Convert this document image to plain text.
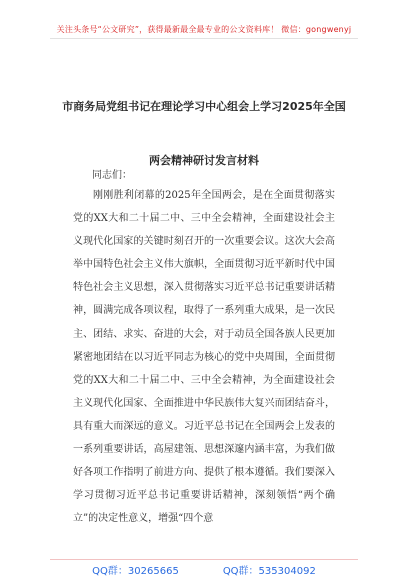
关注头条号“公文研究”，获得最新最全最专业的公文资料库！ 微信：gongwenyj
市商务局党组书记在理论学习中心组会上学习2025年全国
两会精神研讨发言材料
同志们：
刚刚胜利闭幕的2025年全国两会，是在全面贯彻落实党的XX大和二十届二中、三中全会精神，全面建设社会主义现代化国家的关键时刻召开的一次重要会议。这次大会高举中国特色社会主义伟大旗帜，全面贯彻习近平新时代中国特色社会主义思想，深入贯彻落实习近平总书记重要讲话精神，圆满完成各项议程，取得了一系列重大成果，是一次民主、团结、求实、奋进的大会，对于动员全国各族人民更加紧密地团结在以习近平同志为核心的党中央周围，全面贯彻党的XX大和二十届二中、三中全会精神，为全面建设社会主义现代化国家、全面推进中华民族伟大复兴而团结奋斗，具有重大而深远的意义。习近平总书记在全国两会上发表的一系列重要讲话，高屋建瓴、思想深邃内涵丰富，为我们做好各项工作指明了前进方向、提供了根本遵循。我们要深入学习贯彻习近平总书记重要讲话精神，深刻领悟“两个确立”的决定性意义，增强“四个意
QQ群：30265665	QQ群：535304092
